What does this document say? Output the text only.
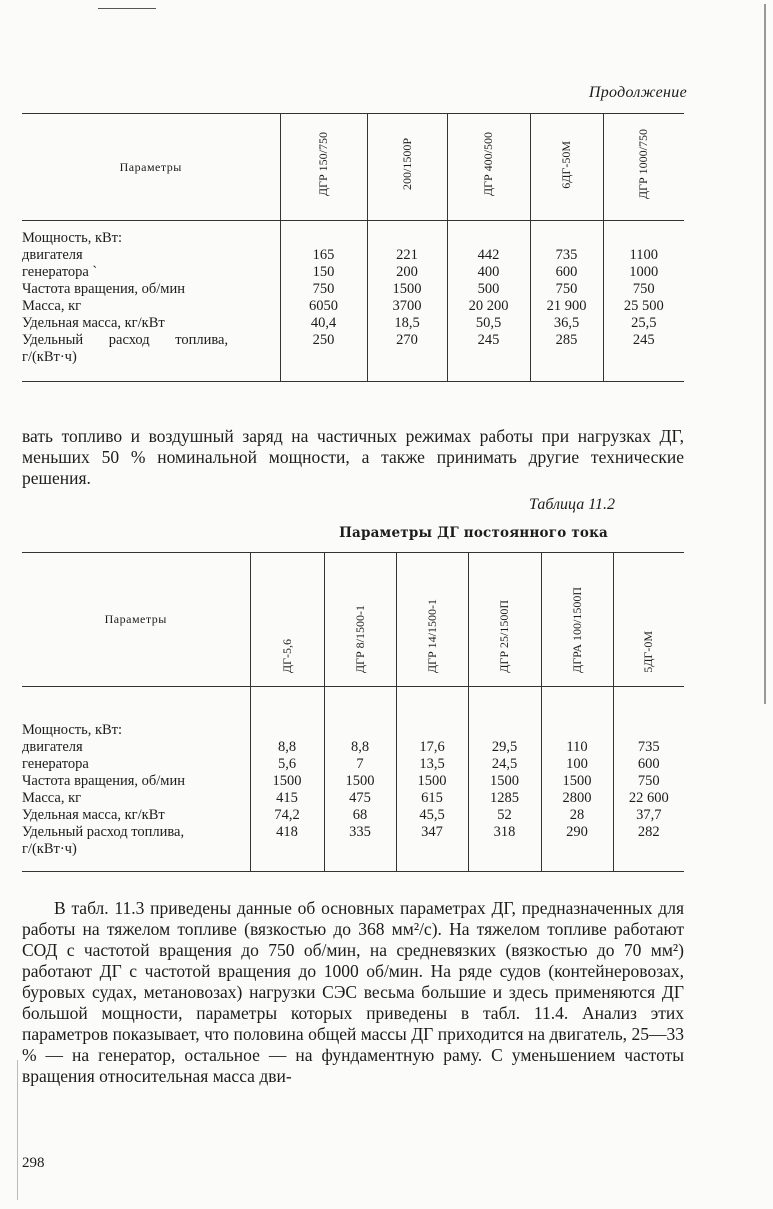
Продолжение
Параметры	ДГР 150/750	200/1500Р	ДГР 400/500	6ДГ-50М	ДГР 1000/750
Мощность, кВт:					
двигателя	165	221	442	735	1100
генератора `	150	200	400	600	1000
Частота вращения, об/мин	750	1500	500	750	750
Масса, кг	6050	3700	20 200	21 900	25 500
Удельная масса, кг/кВт	40,4	18,5	50,5	36,5	25,5

Удельный расход топлива,	250	270	245	285	245
г/(кВт·ч)					

вать топливо и воздушный заряд на частичных режимах работы при нагрузках ДГ, меньших 50 % номинальной мощности, а также принимать другие технические решения.

Таблица 11.2
Параметры ДГ постоянного тока
Параметры	ДГ-5,6	ДГР 8/1500-1	ДГР 14/1500-1	ДГР 25/1500П	ДГРА 100/1500П	5ДГ-0М
Мощность, кВт:						
двигателя	8,8	8,8	17,6	29,5	110	735
генератора	5,6	7	13,5	24,5	100	600
Частота вращения, об/мин	1500	1500	1500	1500	1500	750
Масса, кг	415	475	615	1285	2800	22 600
Удельная масса, кг/кВт	74,2	68	45,5	52	28	37,7
Удельный расход топлива,	418	335	347	318	290	282
г/(кВт·ч)						

В табл. 11.3 приведены данные об основных параметрах ДГ, предназначенных для работы на тяжелом топливе (вязкостью до 368 мм²/с). На тяжелом топливе работают СОД с частотой вращения до 750 об/мин, на средневязких (вязкостью до 70 мм²) работают ДГ с частотой вращения до 1000 об/мин. На ряде судов (контейнеровозах, буровых судах, метановозах) нагрузки СЭС весьма большие и здесь применяются ДГ большой мощности, параметры которых приведены в табл. 11.4. Анализ этих параметров показывает, что половина общей массы ДГ приходится на двигатель, 25—33 % — на генератор, остальное — на фундаментную раму. С уменьшением частоты вращения относительная масса дви-

298
